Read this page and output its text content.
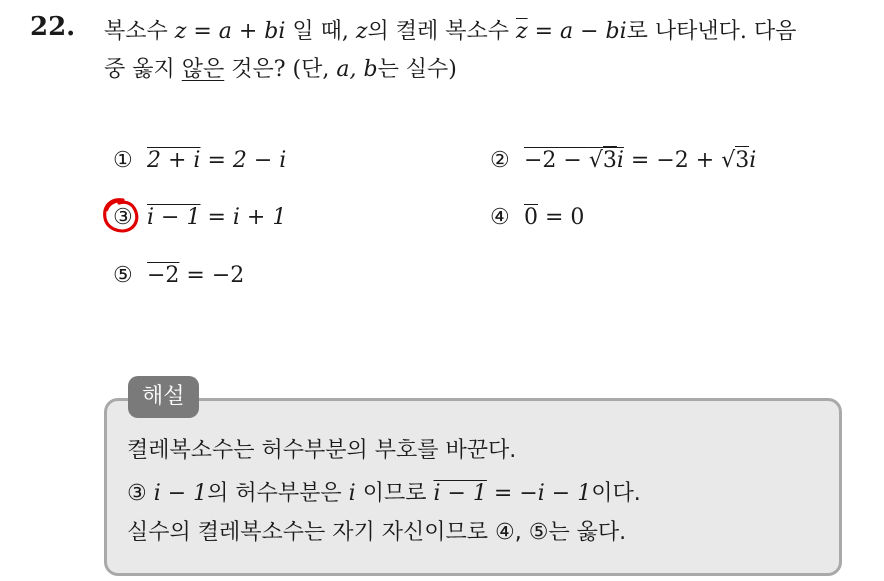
22. 복소수 z = a + bi 일 때, z의 켤레 복소수 $\overline{z} = a$ − bi로 나타낸다. 다음
중 옳지 않은 것은? (단, a, b는 실수)
① 2 + i = 2 − i	② −2 − √3i = −2 + √3i
③ i − 1 = i + 1	④ 0 = 0
⑤ −2 = −2
해설
켤레복소수는 허수부분의 부호를 바꾼다.
③ i − 1의 허수부분은 i 이므로 i − 1 = −i − 1이다.
실수의 켤레복소수는 자기 자신이므로 ④, ⑤는 옳다.
